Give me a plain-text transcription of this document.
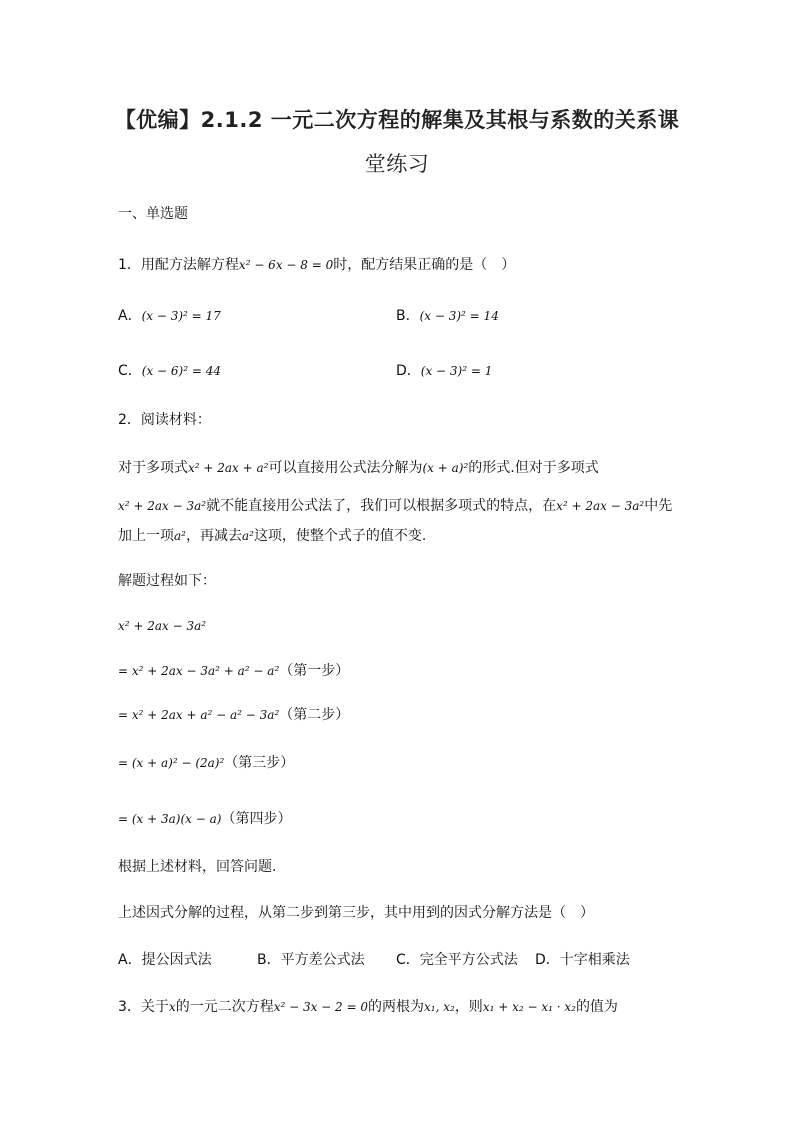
【优编】2.1.2 一元二次方程的解集及其根与系数的关系课
堂练习
一、单选题
1．用配方法解方程x² − 6x − 8 = 0时，配方结果正确的是（　）
A．(x − 3)² = 17	B．(x − 3)² = 14
C．(x − 6)² = 44	D．(x − 3)² = 1
2．阅读材料：
对于多项式x² + 2ax + a²可以直接用公式法分解为(x + a)²的形式.但对于多项式
x² + 2ax − 3a²就不能直接用公式法了，我们可以根据多项式的特点，在x² + 2ax − 3a²中先
加上一项a²，再减去a²这项，使整个式子的值不变.
解题过程如下：
x² + 2ax − 3a²
= x² + 2ax − 3a² + a² − a²（第一步）
= x² + 2ax + a² − a² − 3a²（第二步）
= (x + a)² − (2a)²（第三步）
= (x + 3a)(x − a)（第四步）
根据上述材料，回答问题.
上述因式分解的过程，从第二步到第三步，其中用到的因式分解方法是（　）
A．提公因式法	B．平方差公式法 C．完全平方公式法 D．十字相乘法
3．关于x的一元二次方程x² − 3x − 2 = 0的两根为x₁, x₂，则x₁ + x₂ − x₁ · x₂的值为
